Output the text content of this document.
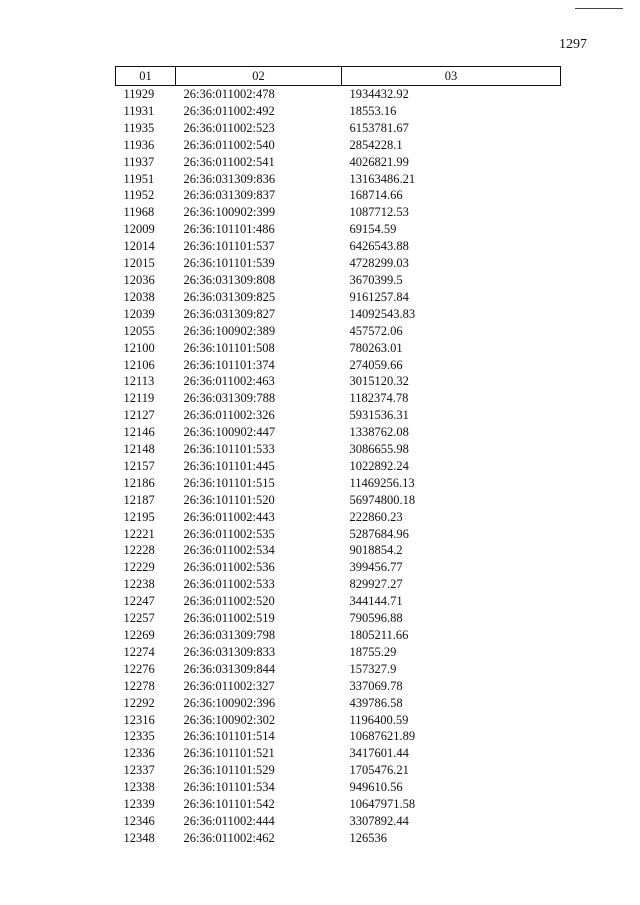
1297
01	02	03
11929	26:36:011002:478	1934432.92
11931	26:36:011002:492	18553.16
11935	26:36:011002:523	6153781.67
11936	26:36:011002:540	2854228.1
11937	26:36:011002:541	4026821.99
11951	26:36:031309:836	13163486.21
11952	26:36:031309:837	168714.66
11968	26:36:100902:399	1087712.53
12009	26:36:101101:486	69154.59
12014	26:36:101101:537	6426543.88
12015	26:36:101101:539	4728299.03
12036	26:36:031309:808	3670399.5
12038	26:36:031309:825	9161257.84
12039	26:36:031309:827	14092543.83
12055	26:36:100902:389	457572.06
12100	26:36:101101:508	780263.01
12106	26:36:101101:374	274059.66
12113	26:36:011002:463	3015120.32
12119	26:36:031309:788	1182374.78
12127	26:36:011002:326	5931536.31
12146	26:36:100902:447	1338762.08
12148	26:36:101101:533	3086655.98
12157	26:36:101101:445	1022892.24
12186	26:36:101101:515	11469256.13
12187	26:36:101101:520	56974800.18
12195	26:36:011002:443	222860.23
12221	26:36:011002:535	5287684.96
12228	26:36:011002:534	9018854.2
12229	26:36:011002:536	399456.77
12238	26:36:011002:533	829927.27
12247	26:36:011002:520	344144.71
12257	26:36:011002:519	790596.88
12269	26:36:031309:798	1805211.66
12274	26:36:031309:833	18755.29
12276	26:36:031309:844	157327.9
12278	26:36:011002:327	337069.78
12292	26:36:100902:396	439786.58
12316	26:36:100902:302	1196400.59
12335	26:36:101101:514	10687621.89
12336	26:36:101101:521	3417601.44
12337	26:36:101101:529	1705476.21
12338	26:36:101101:534	949610.56
12339	26:36:101101:542	10647971.58
12346	26:36:011002:444	3307892.44
12348	26:36:011002:462	126536
